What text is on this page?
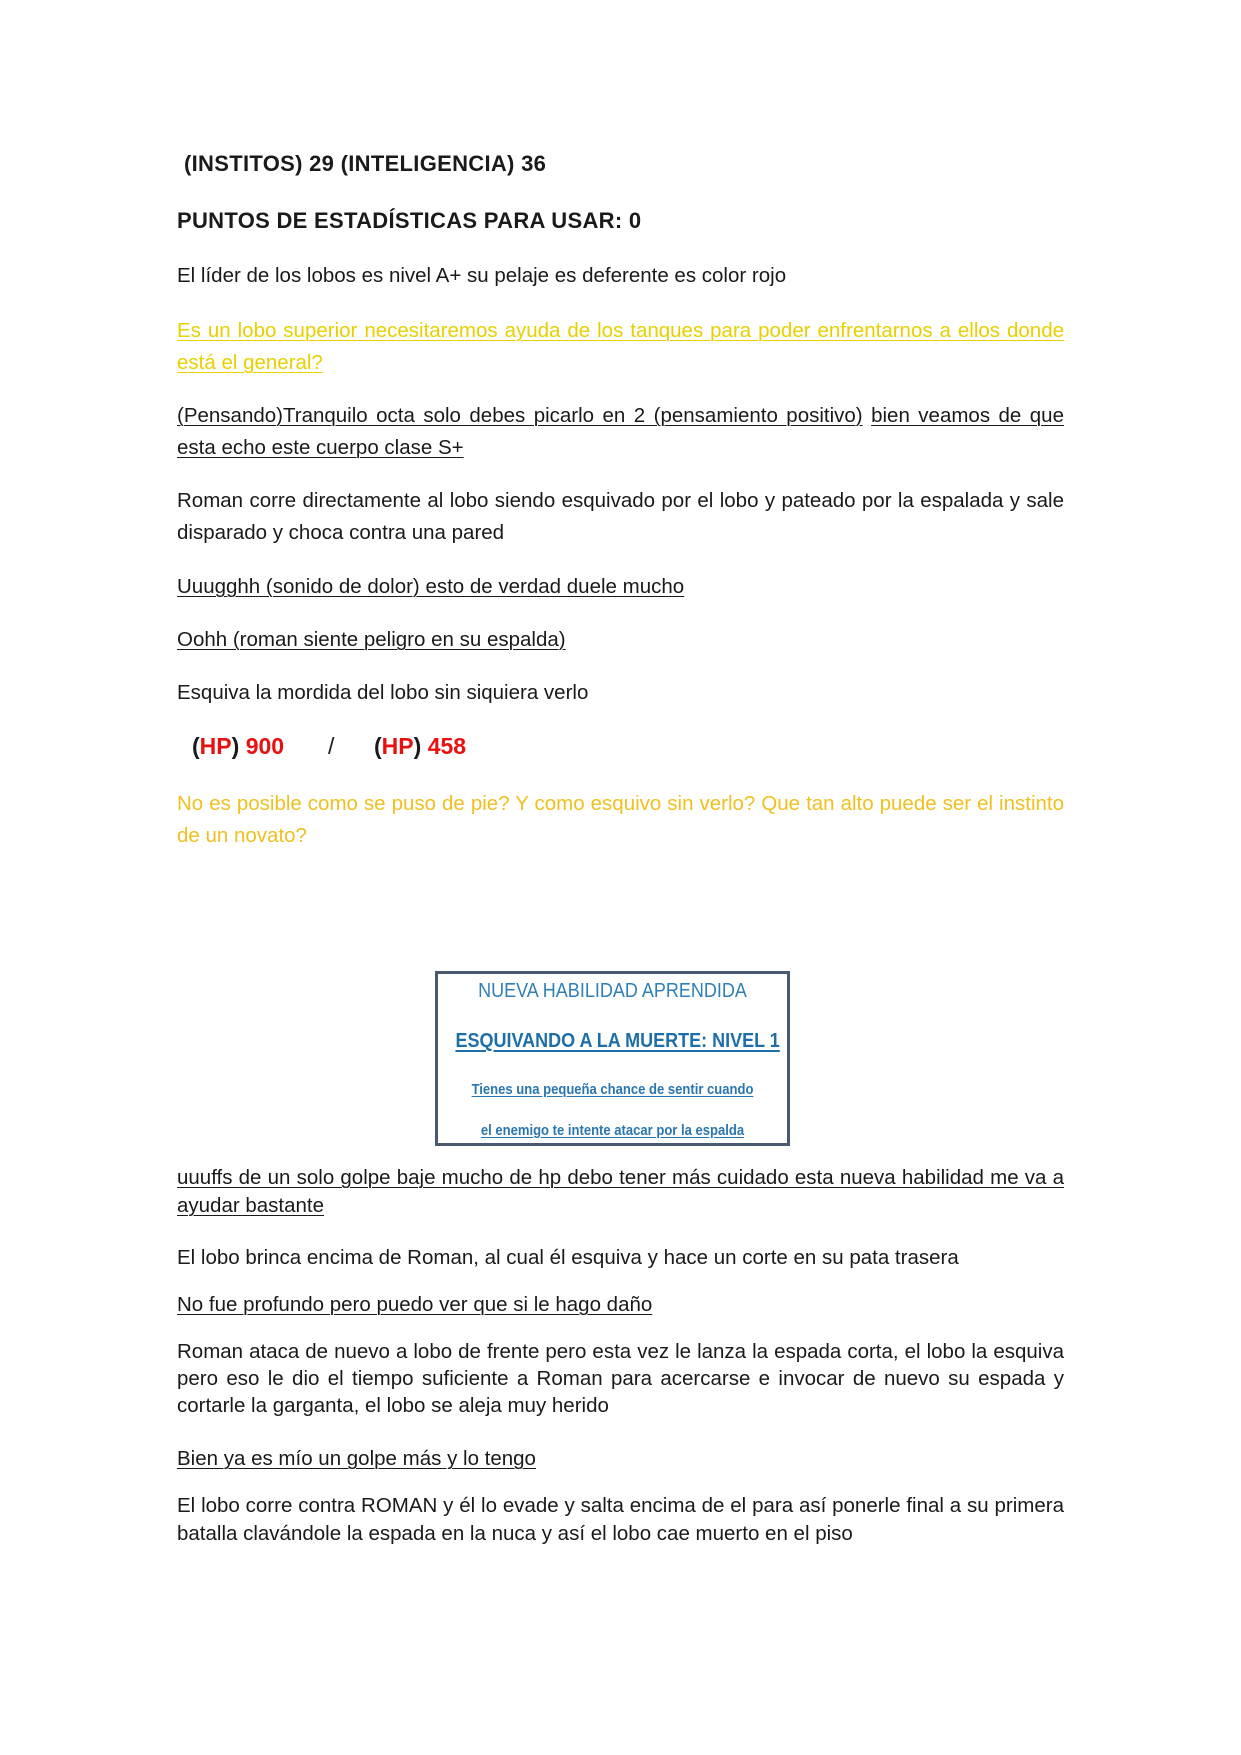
(INSTITOS) 29 (INTELIGENCIA) 36
PUNTOS DE ESTADÍSTICAS PARA USAR: 0
El líder de los lobos es nivel A+ su pelaje es deferente es color rojo
Es un lobo superior necesitaremos ayuda de los tanques para poder enfrentarnos a ellos donde está el general?
(Pensando)Tranquilo octa solo debes picarlo en 2 (pensamiento positivo) bien veamos de que esta echo este cuerpo clase S+
Roman corre directamente al lobo siendo esquivado por el lobo y pateado por la espalada y sale disparado y choca contra una pared
Uuugghh (sonido de dolor) esto de verdad duele mucho
Oohh (roman siente peligro en su espalda)
Esquiva la mordida del lobo sin siquiera verlo
(HP) 900 / (HP) 458
No es posible como se puso de pie? Y como esquivo sin verlo? Que tan alto puede ser el instinto de un novato?
NUEVA HABILIDAD APRENDIDA
ESQUIVANDO A LA MUERTE: NIVEL 1
Tienes una pequeña chance de sentir cuando
el enemigo te intente atacar por la espalda
uuuffs de un solo golpe baje mucho de hp debo tener más cuidado esta nueva habilidad me va a ayudar bastante
El lobo brinca encima de Roman, al cual él esquiva y hace un corte en su pata trasera
No fue profundo pero puedo ver que si le hago daño
Roman ataca de nuevo a lobo de frente pero esta vez le lanza la espada corta, el lobo la esquiva pero eso le dio el tiempo suficiente a Roman para acercarse e invocar de nuevo su espada y cortarle la garganta, el lobo se aleja muy herido
Bien ya es mío un golpe más y lo tengo
El lobo corre contra ROMAN y él lo evade y salta encima de el para así ponerle final a su primera batalla clavándole la espada en la nuca y así el lobo cae muerto en el piso
